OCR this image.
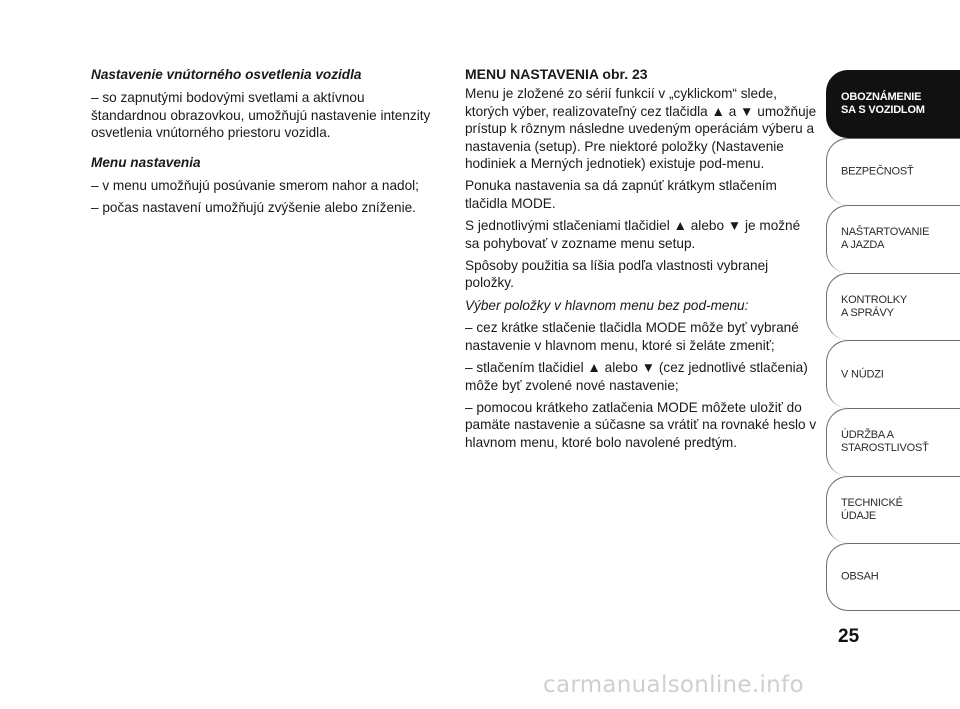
Nastavenie vnútorného osvetlenia vozidla

– so zapnutými bodovými svetlami a aktívnou štandardnou obrazovkou, umožňujú nastavenie intenzity osvetlenia vnútorného priestoru vozidla.

Menu nastavenia

– v menu umožňujú posúvanie smerom nahor a nadol;

– počas nastavení umožňujú zvýšenie alebo zníženie.

MENU NASTAVENIA obr. 23

Menu je zložené zo sérií funkcií v „cyklickom“ slede, ktorých výber, realizovateľný cez tlačidla ▲ a ▼ umožňuje prístup k rôznym následne uvedeným operáciám výberu a nastavenia (setup). Pre niektoré položky (Nastavenie hodiniek a Merných jednotiek) existuje pod-menu.

Ponuka nastavenia sa dá zapnúť krátkym stlačením tlačidla MODE.

S jednotlivými stlačeniami tlačidiel ▲ alebo ▼ je možné sa pohybovať v zozname menu setup.

Spôsoby použitia sa líšia podľa vlastnosti vybranej položky.

Výber položky v hlavnom menu bez pod-menu:

– cez krátke stlačenie tlačidla MODE môže byť vybrané nastavenie v hlavnom menu, ktoré si želáte zmeniť;

– stlačením tlačidiel ▲ alebo ▼ (cez jednotlivé stlačenia) môže byť zvolené nové nastavenie;

– pomocou krátkeho zatlačenia MODE môžete uložiť do pamäte nastavenie a súčasne sa vrátiť na rovnaké heslo v hlavnom menu, ktoré bolo navolené predtým.

OBOZNÁMENIE
SA S VOZIDLOM
BEZPEČNOSŤ
NAŠTARTOVANIE
A JAZDA
KONTROLKY
A SPRÁVY
V NÚDZI
ÚDRŽBA A
STAROSTLIVOSŤ
TECHNICKÉ
ÚDAJE
OBSAH
25
carmanualsonline.info
